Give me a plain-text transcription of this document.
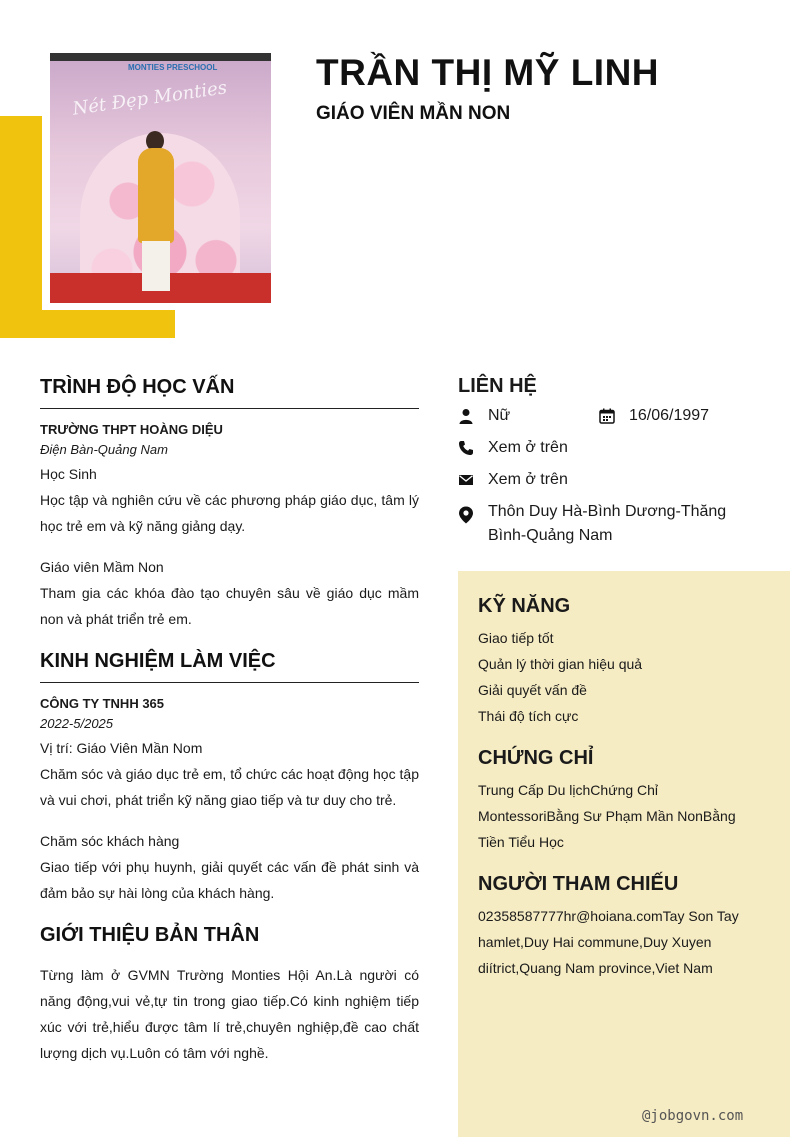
MONTIES PRESCHOOL
Nét Đẹp Monties
TRẦN THỊ MỸ LINH
GIÁO VIÊN MẦN NON
TRÌNH ĐỘ HỌC VẤN
TRƯỜNG THPT HOÀNG DIỆU
Điện Bàn-Quảng Nam
Học Sinh
Học tập và nghiên cứu về các phương pháp giáo dục, tâm lý học trẻ em và kỹ năng giảng dạy.
Giáo viên Mầm Non
Tham gia các khóa đào tạo chuyên sâu về giáo dục mầm non và phát triển trẻ em.
KINH NGHIỆM LÀM VIỆC
CÔNG TY TNHH 365
2022-5/2025
Vị trí: Giáo Viên Mần Nom
Chăm sóc và giáo dục trẻ em, tổ chức các hoạt động học tập và vui chơi, phát triển kỹ năng giao tiếp và tư duy cho trẻ.
Chăm sóc khách hàng
Giao tiếp với phụ huynh, giải quyết các vấn đề phát sinh và đảm bảo sự hài lòng của khách hàng.
GIỚI THIỆU BẢN THÂN
Từng làm ở GVMN Trường Monties Hội An.Là người có năng động,vui vẻ,tự tin trong giao tiếp.Có kinh nghiệm tiếp xúc với trẻ,hiểu được tâm lí trẻ,chuyên nghiệp,đề cao chất lượng dịch vụ.Luôn có tâm với nghề.
LIÊN HỆ
Nữ	16/06/1997
Xem ở trên
Xem ở trên
Thôn Duy Hà-Bình Dương-Thăng Bình-Quảng Nam
KỸ NĂNG
Giao tiếp tốt
Quản lý thời gian hiệu quả
Giải quyết vấn đề
Thái độ tích cực
CHỨNG CHỈ
Trung Cấp Du lịchChứng Chỉ
MontessoriBằng Sư Phạm Mần NonBằng
Tiền Tiểu Học
NGƯỜI THAM CHIẾU
02358587777hr@hoiana.comTay Son Tay
hamlet,Duy Hai commune,Duy Xuyen
diítrict,Quang Nam province,Viet Nam
@jobgovn.com
